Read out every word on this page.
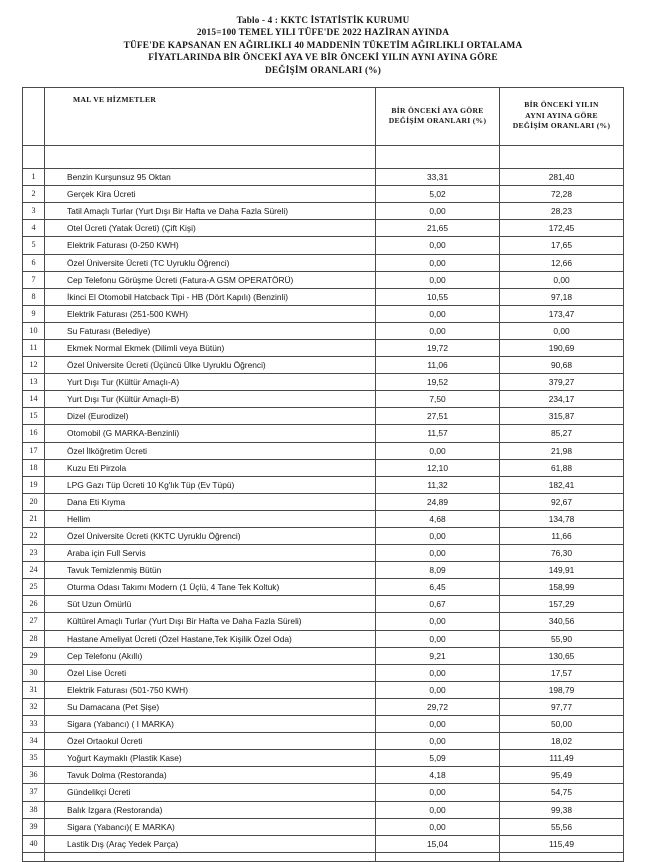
Tablo - 4 : KKTC İSTATİSTİK KURUMU
2015=100 TEMEL YILI TÜFE'DE 2022 HAZİRAN AYINDA
TÜFE'DE KAPSANAN EN AĞIRLIKLI 40 MADDENİN TÜKETİM AĞIRLIKLI ORTALAMA
FİYATLARINDA BİR ÖNCEKİ AYA VE BİR ÖNCEKİ YILIN AYNI AYINA GÖRE
DEĞİŞİM ORANLARI (%)
	MAL VE HİZMETLER	
BİR ÖNCEKİ AYA GÖRE
DEĞİŞİM ORANLARI (%)

BİR ÖNCEKİ YILIN
AYNI AYINA GÖRE
DEĞİŞİM ORANLARI (%)

1	Benzin Kurşunsuz 95 Oktan	33,31	281,40
2	Gerçek Kira Ücreti	5,02	72,28
3	Tatil Amaçlı Turlar (Yurt Dışı Bir Hafta ve Daha Fazla Süreli)	0,00	28,23
4	Otel Ücreti (Yatak Ücreti) (Çift Kişi)	21,65	172,45
5	Elektrik Faturası (0-250 KWH)	0,00	17,65
6	Özel Üniversite Ücreti (TC Uyruklu Öğrenci)	0,00	12,66
7	Cep Telefonu Görüşme Ücreti (Fatura-A GSM OPERATÖRÜ)	0,00	0,00
8	İkinci El Otomobil Hatcback Tipi - HB (Dört Kapılı) (Benzinli)	10,55	97,18
9	Elektrik Faturası (251-500 KWH)	0,00	173,47
10	Su Faturası (Belediye)	0,00	0,00
11	Ekmek Normal Ekmek (Dilimli veya Bütün)	19,72	190,69
12	Özel Üniversite Ücreti (Üçüncü Ülke Uyruklu Öğrenci)	11,06	90,68
13	Yurt Dışı Tur (Kültür Amaçlı-A)	19,52	379,27
14	Yurt Dışı Tur (Kültür Amaçlı-B)	7,50	234,17
15	Dizel (Eurodizel)	27,51	315,87
16	Otomobil (G MARKA-Benzinli)	11,57	85,27
17	Özel İlköğretim Ücreti	0,00	21,98
18	Kuzu Eti Pirzola	12,10	61,88
19	LPG Gazı Tüp Ücreti 10 Kg'lık Tüp (Ev Tüpü)	11,32	182,41
20	Dana Eti Kıyma	24,89	92,67
21	Hellim	4,68	134,78
22	Özel Üniversite Ücreti (KKTC Uyruklu Öğrenci)	0,00	11,66
23	Araba için Full Servis	0,00	76,30
24	Tavuk Temizlenmiş Bütün	8,09	149,91
25	Oturma Odası Takımı Modern (1 Üçlü, 4 Tane Tek Koltuk)	6,45	158,99
26	Süt Uzun Ömürlü	0,67	157,29
27	Kültürel Amaçlı Turlar (Yurt Dışı Bir Hafta ve Daha Fazla Süreli)	0,00	340,56
28	Hastane Ameliyat Ücreti (Özel Hastane,Tek Kişilik Özel Oda)	0,00	55,90
29	Cep Telefonu (Akıllı)	9,21	130,65
30	Özel Lise Ücreti	0,00	17,57
31	Elektrik Faturası (501-750 KWH)	0,00	198,79
32	Su Damacana (Pet Şişe)	29,72	97,77
33	Sigara (Yabancı) ( I MARKA)	0,00	50,00
34	Özel Ortaokul Ücreti	0,00	18,02
35	Yoğurt Kaymaklı (Plastik Kase)	5,09	111,49
36	Tavuk Dolma (Restoranda)	4,18	95,49
37	Gündelikçi Ücreti	0,00	54,75
38	Balık Izgara (Restoranda)	0,00	99,38
39	Sigara (Yabancı)( E MARKA)	0,00	55,56
40	Lastik Dış (Araç Yedek Parça)	15,04	115,49
